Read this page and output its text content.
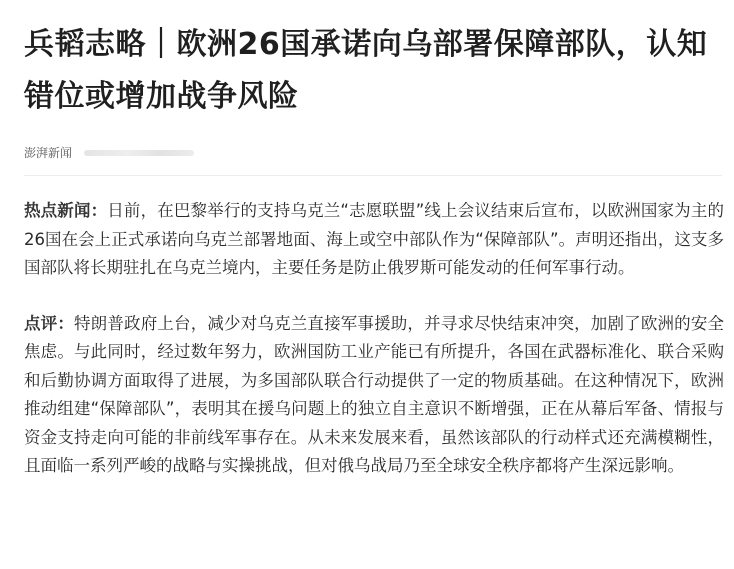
兵韬志略｜欧洲26国承诺向乌部署保障部队，认知错位或增加战争风险
澎湃新闻

热点新闻：日前，在巴黎举行的支持乌克兰“志愿联盟”线上会议结束后宣布，以欧洲国家为主的26国在会上正式承诺向乌克兰部署地面、海上或空中部队作为“保障部队”。声明还指出，这支多国部队将长期驻扎在乌克兰境内，主要任务是防止俄罗斯可能发动的任何军事行动。

点评：特朗普政府上台，减少对乌克兰直接军事援助，并寻求尽快结束冲突，加剧了欧洲的安全焦虑。与此同时，经过数年努力，欧洲国防工业产能已有所提升，各国在武器标准化、联合采购和后勤协调方面取得了进展，为多国部队联合行动提供了一定的物质基础。在这种情况下，欧洲推动组建“保障部队”，表明其在援乌问题上的独立自主意识不断增强，正在从幕后军备、情报与资金支持走向可能的非前线军事存在。从未来发展来看，虽然该部队的行动样式还充满模糊性，且面临一系列严峻的战略与实操挑战，但对俄乌战局乃至全球安全秩序都将产生深远影响。
